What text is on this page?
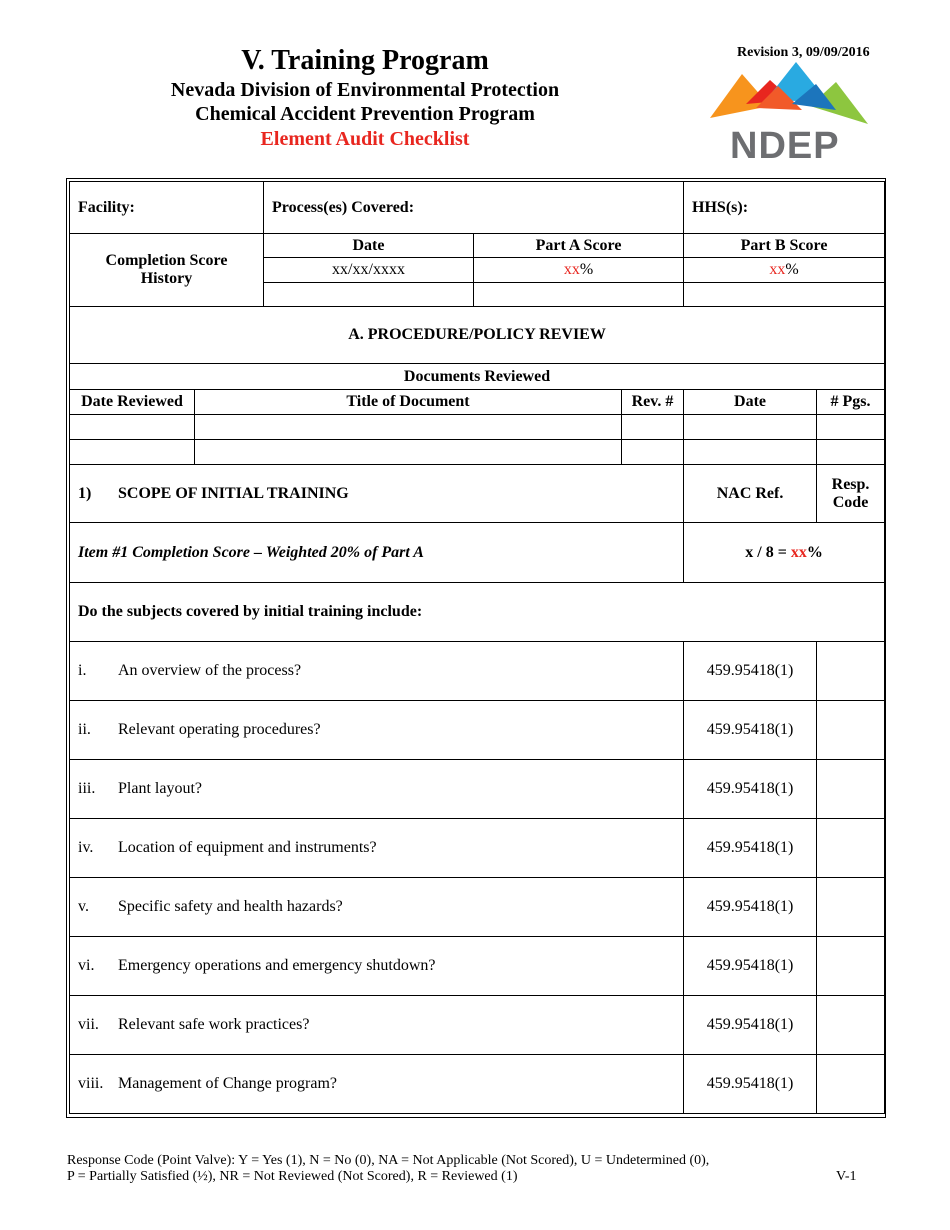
V. Training Program
Nevada Division of Environmental Protection
Chemical Accident Prevention Program
Element Audit Checklist
Revision 3, 09/09/2016
NDEP
Facility:		Process(es) Covered:			HHS(s):	
Completion Score History		Date	Part A Score		Part B Score	
		xx/xx/xxxx	xx%		xx%	

A. PROCEDURE/POLICY REVIEW						
Documents Reviewed						
Date Reviewed	Title of Document			Rev. #	Date	# Pgs.

1) SCOPE OF INITIAL TRAINING					NAC Ref.	Resp. Code
Item #1 Completion Score – Weighted 20% of Part A					x / 8 = xx%	
Do the subjects covered by initial training include:						
i. An overview of the process?					459.95418(1)	
ii. Relevant operating procedures?					459.95418(1)	
iii. Plant layout?					459.95418(1)	
iv. Location of equipment and instruments?					459.95418(1)	
v. Specific safety and health hazards?					459.95418(1)	
vi. Emergency operations and emergency shutdown?					459.95418(1)	
vii. Relevant safe work practices?					459.95418(1)	
viii. Management of Change program?					459.95418(1)	
Response Code (Point Valve): Y = Yes (1), N = No (0), NA = Not Applicable (Not Scored), U = Undetermined (0),
P = Partially Satisfied (½), NR = Not Reviewed (Not Scored), R = Reviewed (1)	V-1
